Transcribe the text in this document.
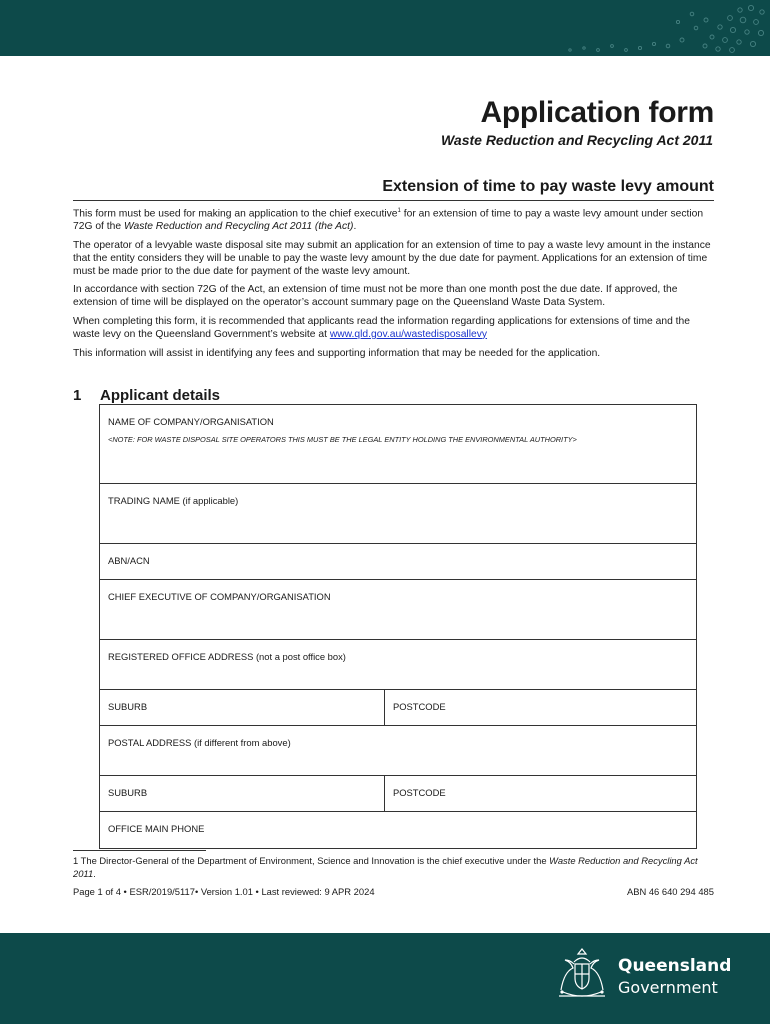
Application form

Waste Reduction and Recycling Act 2011

Extension of time to pay waste levy amount

This form must be used for making an application to the chief executive$^1$ for an extension of time to pay a waste levy amount under section 72G of the Waste Reduction and Recycling Act 2011 (the Act).

The operator of a levyable waste disposal site may submit an application for an extension of time to pay a waste levy amount in the instance that the entity considers they will be unable to pay the waste levy amount by the due date for payment. Applications for an extension of time must be made prior to the due date for payment of the waste levy amount.

In accordance with section 72G of the Act, an extension of time must not be more than one month post the due date. If approved, the extension of time will be displayed on the operator’s account summary page on the Queensland Waste Data System.

When completing this form, it is recommended that applicants read the information regarding applications for extensions of time and the waste levy on the Queensland Government’s website at www.qld.gov.au/wastedisposallevy

This information will assist in identifying any fees and supporting information that may be needed for the application.

1 Applicant details
NAME OF COMPANY/ORGANISATION
<NOTE: FOR WASTE DISPOSAL SITE OPERATORS THIS MUST BE THE LEGAL ENTITY HOLDING THE ENVIRONMENTAL AUTHORITY>
TRADING NAME (if applicable)
ABN/ACN
CHIEF EXECUTIVE OF COMPANY/ORGANISATION
REGISTERED OFFICE ADDRESS (not a post office box)
SUBURB	POSTCODE
POSTAL ADDRESS (if different from above)
SUBURB	POSTCODE
OFFICE MAIN PHONE

1 The Director-General of the Department of Environment, Science and Innovation is the chief executive under the Waste Reduction and Recycling Act 2011.

Page 1 of 4 • ESR/2019/5117• Version 1.01 • Last reviewed: 9 APR 2024	ABN 46 640 294 485
Queensland
Government
